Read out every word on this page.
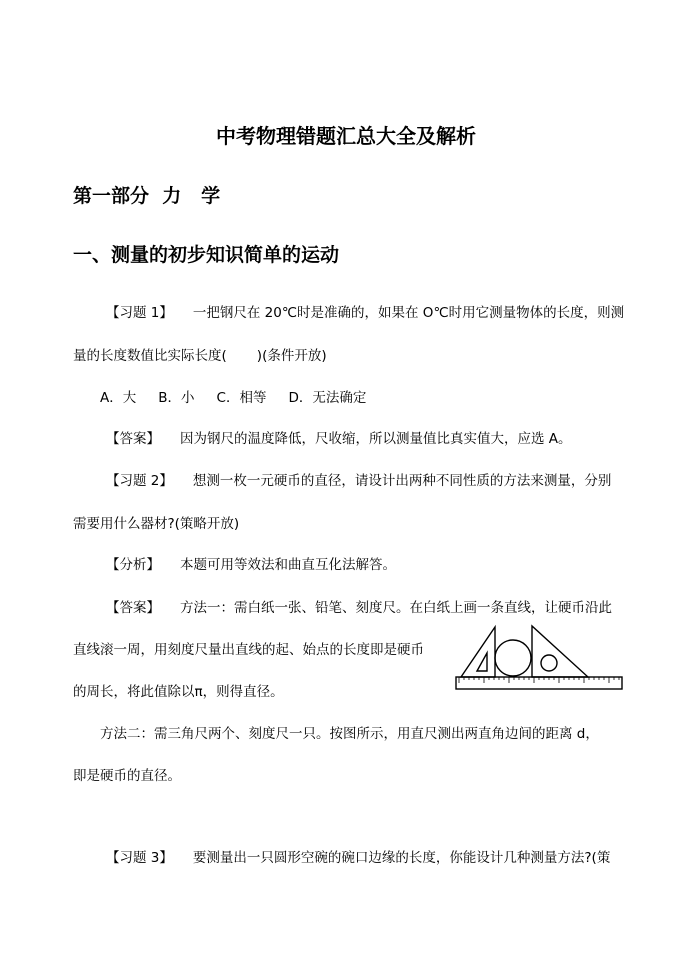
中考物理错题汇总大全及解析
第一部分  力   学
一、测量的初步知识简单的运动
【习题 1】 一把钢尺在 20℃时是准确的，如果在 O℃时用它测量物体的长度，则测
量的长度数值比实际长度(       )(条件开放)
A．大 B．小 C．相等 D．无法确定
【答案】 因为钢尺的温度降低，尺收缩，所以测量值比真实值大，应选 A。
【习题 2】 想测一枚一元硬币的直径，请设计出两种不同性质的方法来测量，分别
需要用什么器材?(策略开放)
【分析】 本题可用等效法和曲直互化法解答。
【答案】 方法一：需白纸一张、铅笔、刻度尺。在白纸上画一条直线，让硬币沿此
直线滚一周，用刻度尺量出直线的起、始点的长度即是硬币
的周长，将此值除以π，则得直径。
方法二：需三角尺两个、刻度尺一只。按图所示，用直尺测出两直角边间的距离 d，
即是硬币的直径。
【习题 3】 要测量出一只圆形空碗的碗口边缘的长度，你能设计几种测量方法?(策
